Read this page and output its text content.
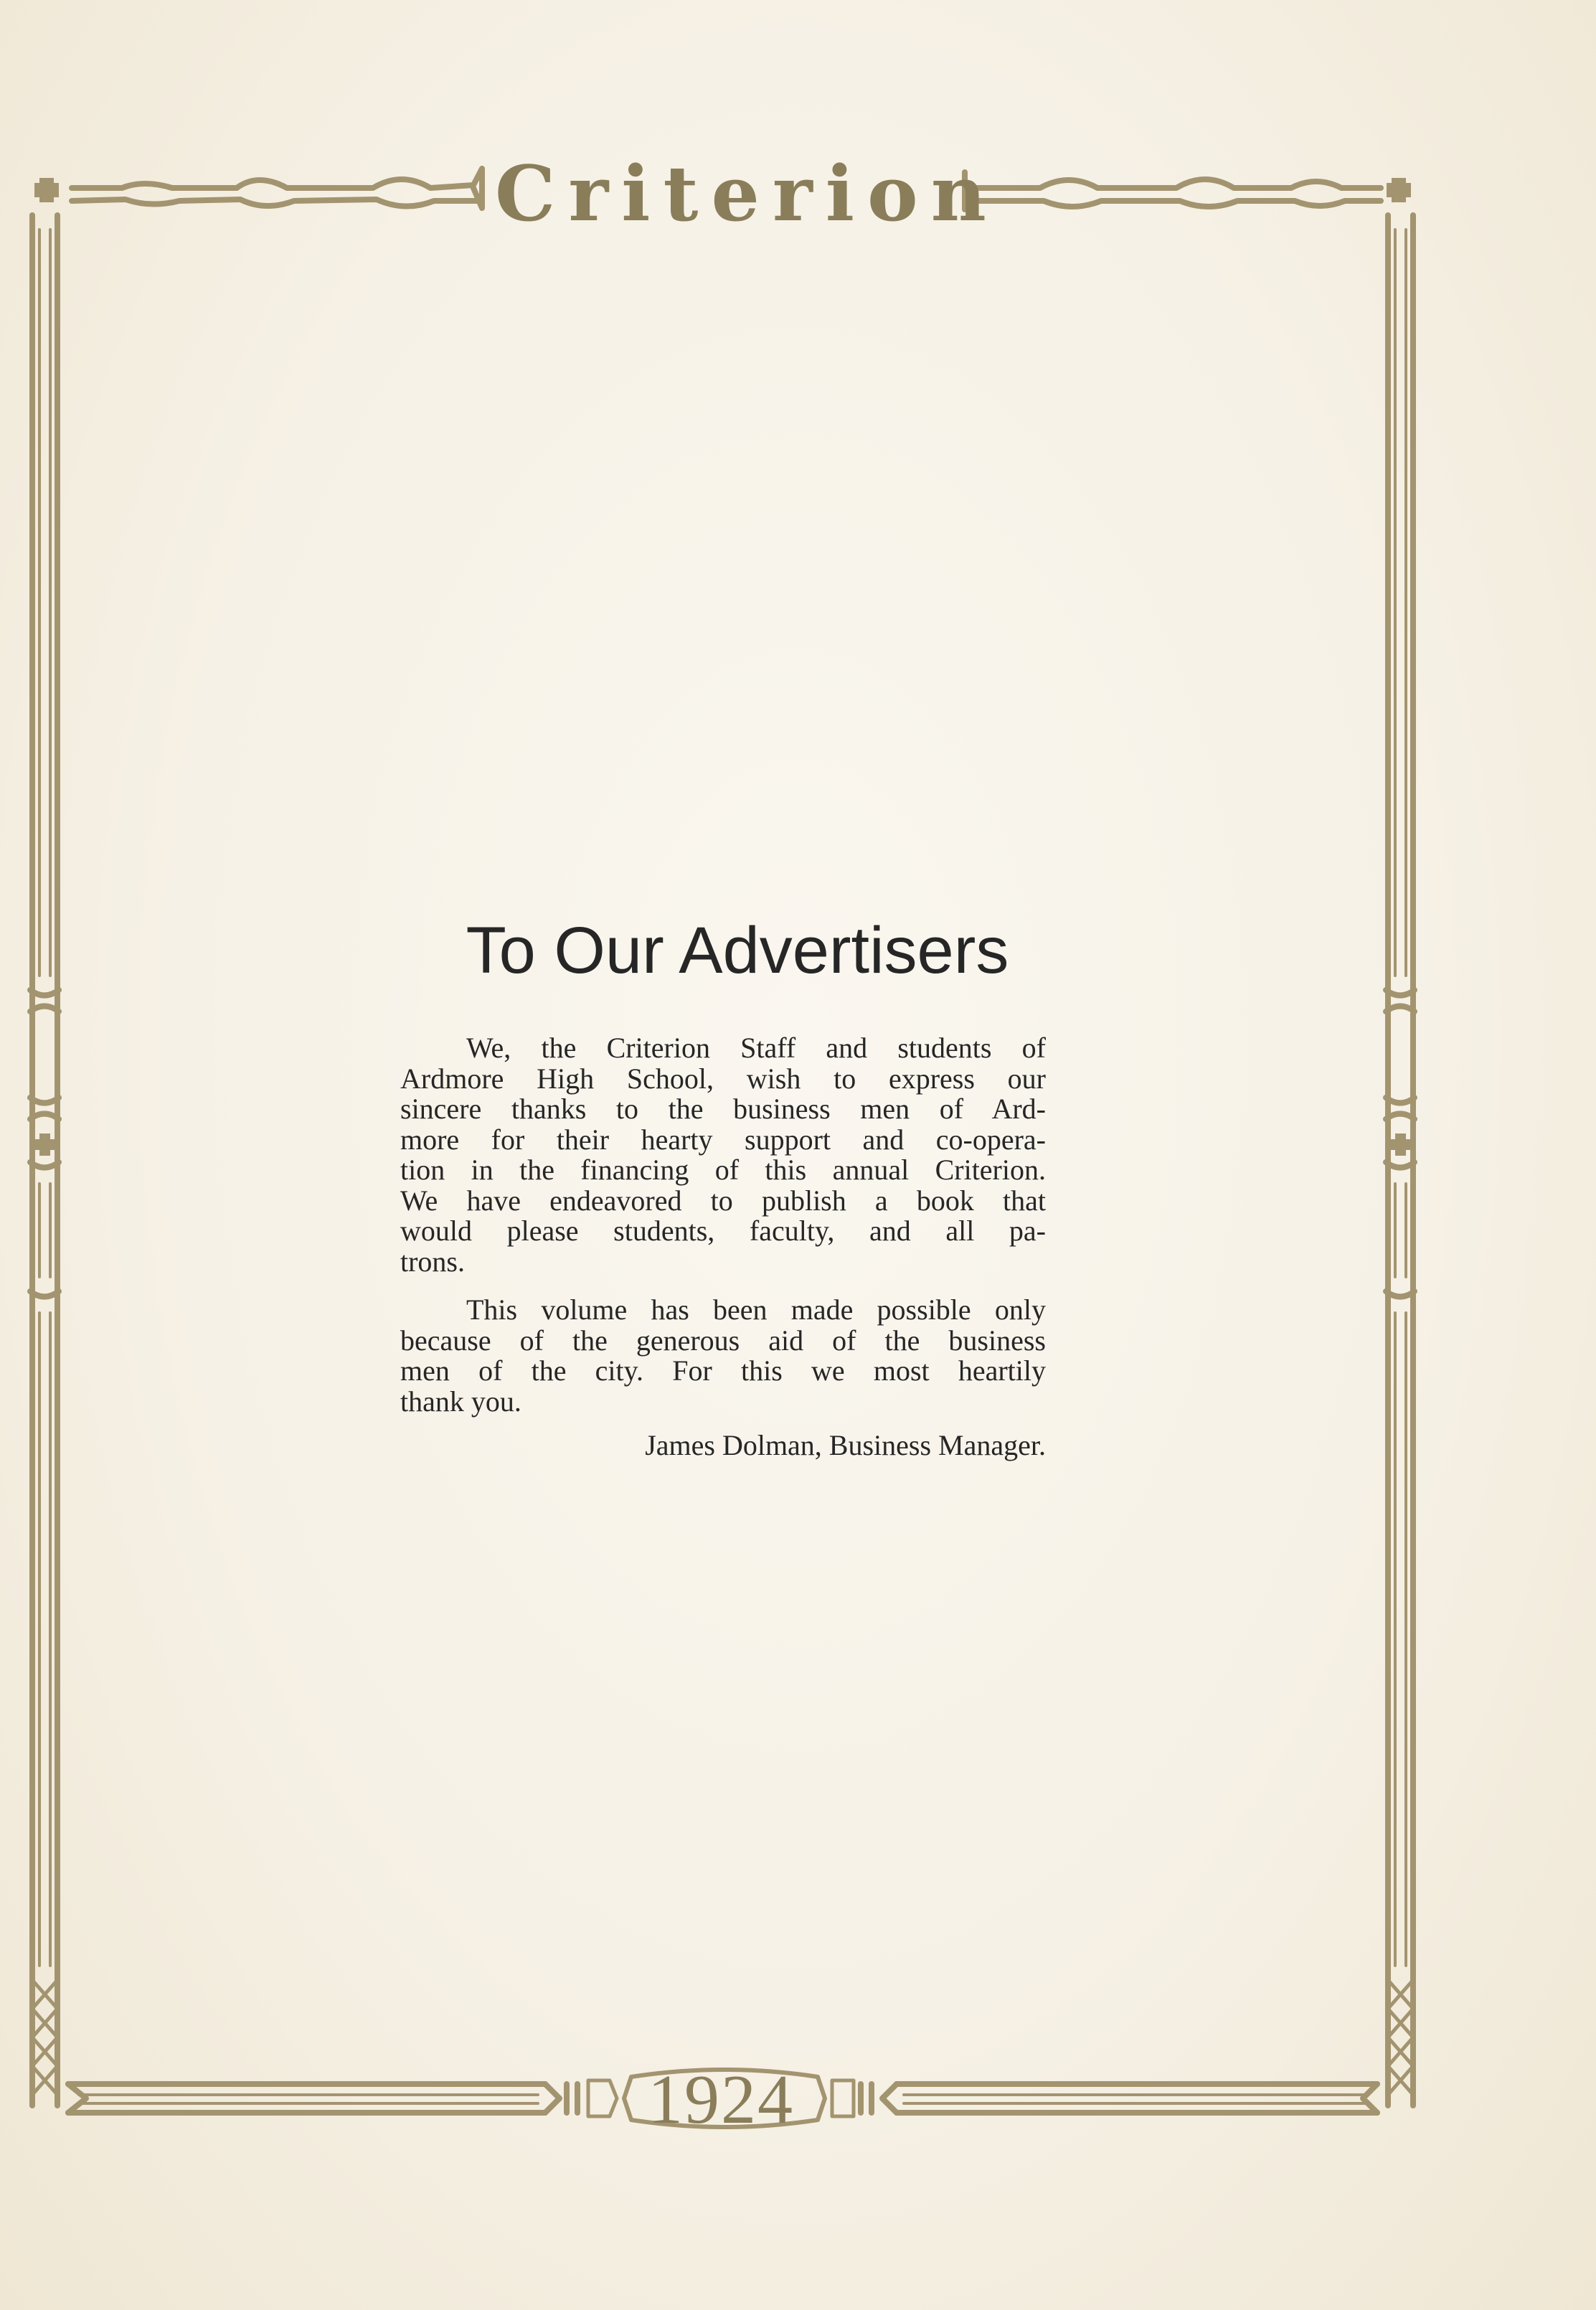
Criterion
1924
To Our Advertisers
We, the Criterion Staff and students of
Ardmore High School, wish to express our
sincere thanks to the business men of Ard-
more for their hearty support and co-opera-
tion in the financing of this annual Criterion.
We have endeavored to publish a book that
would please students, faculty, and all pa-
trons.
This volume has been made possible only
because of the generous aid of the business
men of the city. For this we most heartily
thank you.
James Dolman, Business Manager.
